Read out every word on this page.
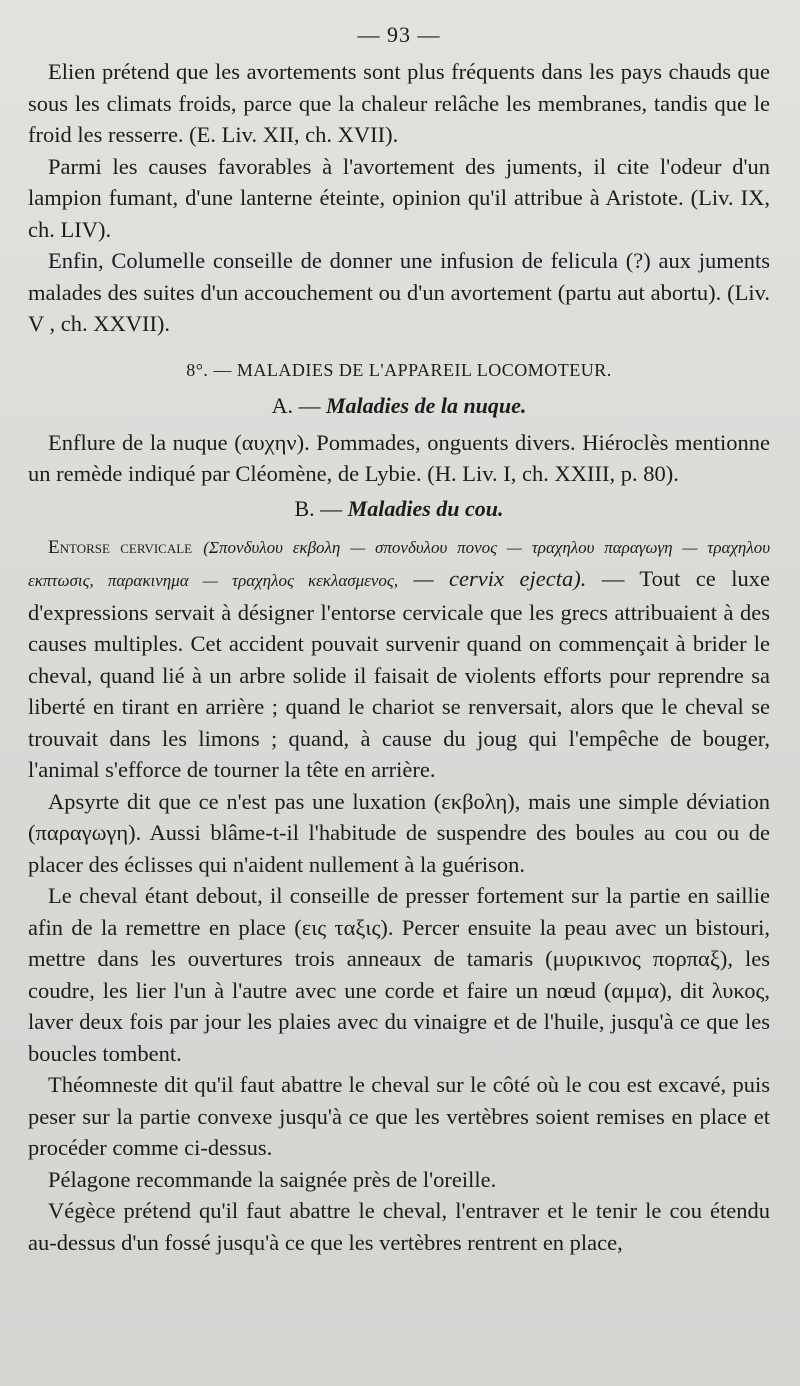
— 93 —

Elien prétend que les avortements sont plus fréquents dans les pays chauds que sous les climats froids, parce que la chaleur relâche les membranes, tandis que le froid les resserre. (E. Liv. XII, ch. XVII).

Parmi les causes favorables à l'avortement des juments, il cite l'odeur d'un lampion fumant, d'une lanterne éteinte, opinion qu'il attribue à Aristote. (Liv. IX, ch. LIV).

Enfin, Columelle conseille de donner une infusion de felicula (?) aux juments malades des suites d'un accouchement ou d'un avortement (partu aut abortu). (Liv. V , ch. XXVII).

8°. — MALADIES DE L'APPAREIL LOCOMOTEUR.
A. — Maladies de la nuque.

Enflure de la nuque (αυχην). Pommades, onguents divers. Hiéroclès mentionne un remède indiqué par Cléomène, de Lybie. (H. Liv. I, ch. XXIII, p. 80).

B. — Maladies du cou.

Entorse cervicale (Σπονδυλου εκβολη — σπονδυλου πονος — τραχηλου παραγωγη — τραχηλου εκπτωσις, παρακινημα — τραχηλος κεκλασμενος, — cervix ejecta). — Tout ce luxe d'expressions servait à désigner l'entorse cervicale que les grecs attribuaient à des causes multiples. Cet accident pouvait survenir quand on commençait à brider le cheval, quand lié à un arbre solide il faisait de violents efforts pour reprendre sa liberté en tirant en arrière ; quand le chariot se renversait, alors que le cheval se trouvait dans les limons ; quand, à cause du joug qui l'empêche de bouger, l'animal s'efforce de tourner la tête en arrière.

Apsyrte dit que ce n'est pas une luxation (εκβολη), mais une simple déviation (παραγωγη). Aussi blâme-t-il l'habitude de suspendre des boules au cou ou de placer des éclisses qui n'aident nullement à la guérison.

Le cheval étant debout, il conseille de presser fortement sur la partie en saillie afin de la remettre en place (εις ταξις). Percer ensuite la peau avec un bistouri, mettre dans les ouvertures trois anneaux de tamaris (μυρικινος πορπαξ), les coudre, les lier l'un à l'autre avec une corde et faire un nœud (αμμα), dit λυκος, laver deux fois par jour les plaies avec du vinaigre et de l'huile, jusqu'à ce que les boucles tombent.

Théomneste dit qu'il faut abattre le cheval sur le côté où le cou est excavé, puis peser sur la partie convexe jusqu'à ce que les vertèbres soient remises en place et procéder comme ci-dessus.

Pélagone recommande la saignée près de l'oreille.

Végèce prétend qu'il faut abattre le cheval, l'entraver et le tenir le cou étendu au-dessus d'un fossé jusqu'à ce que les vertèbres rentrent en place,
